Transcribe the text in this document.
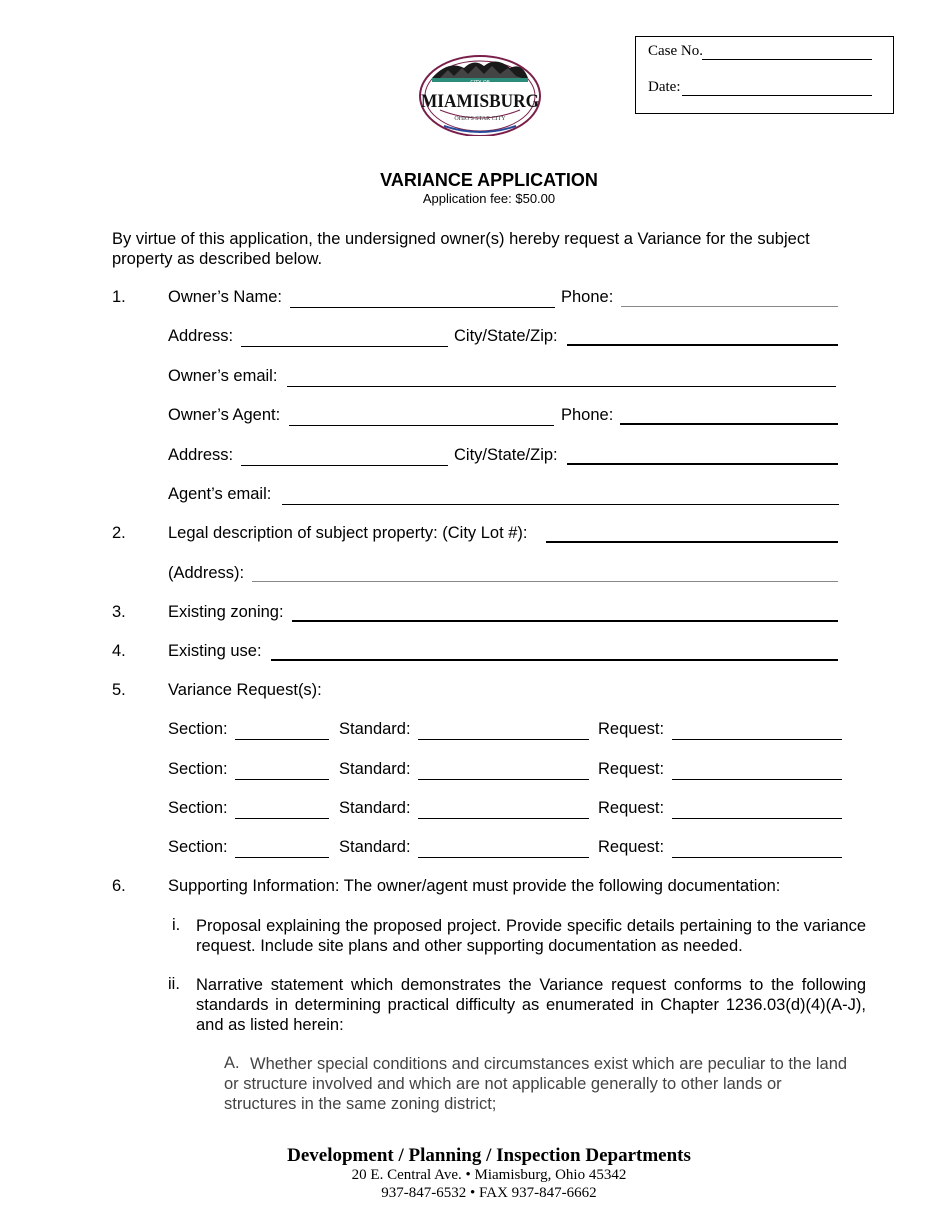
Case No.
Date:
CITY OF
MIAMISBURG
OHIO'S STAR CITY
VARIANCE APPLICATION
Application fee: $50.00
By virtue of this application, the undersigned owner(s) hereby request a Variance for the subject property as described below.
1.	Owner’s Name:	Phone:
Address:	City/State/Zip:
Owner’s email:
Owner’s Agent:	Phone:
Address:	City/State/Zip:
Agent’s email:
2.	Legal description of subject property: (City Lot #):
(Address):
3.	Existing zoning:
4.	Existing use:
5.	Variance Request(s):
Section:	Standard:	Request:
Section:	Standard:	Request:
Section:	Standard:	Request:
Section:	Standard:	Request:
6.	Supporting Information: The owner/agent must provide the following documentation:
i. Proposal explaining the proposed project. Provide specific details pertaining to the variance request. Include site plans and other supporting documentation as needed.
ii. Narrative statement which demonstrates the Variance request conforms to the following standards in determining practical difficulty as enumerated in Chapter 1236.03(d)(4)(A-J), and as listed herein:
A. Whether special conditions and circumstances exist which are peculiar to the land or structure involved and which are not applicable generally to other lands or structures in the same zoning district;
Development / Planning / Inspection Departments
20 E. Central Ave. • Miamisburg, Ohio 45342
937-847-6532 • FAX 937-847-6662
